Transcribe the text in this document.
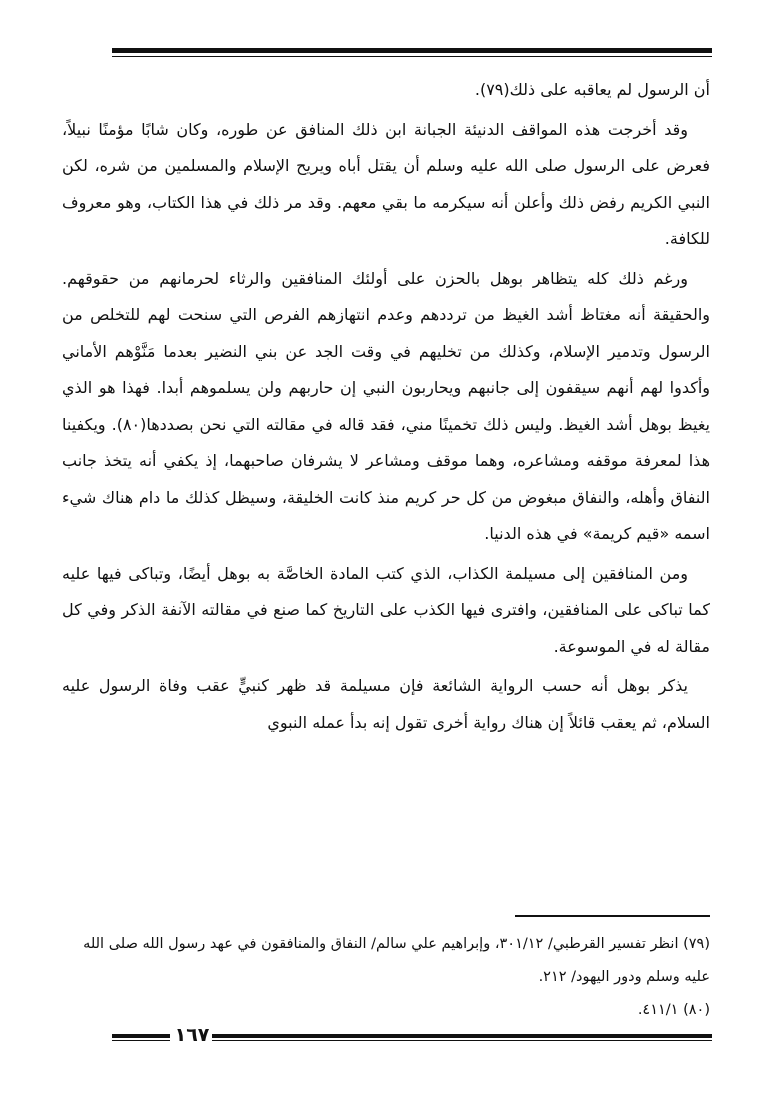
أن الرسول لم يعاقبه على ذلك(٧٩).

وقد أخرجت هذه المواقف الدنيئة الجبانة ابن ذلك المنافق عن طوره، وكان شابًا مؤمنًا نبيلاً، فعرض على الرسول صلى الله عليه وسلم أن يقتل أباه ويريح الإسلام والمسلمين من شره، لكن النبي الكريم رفض ذلك وأعلن أنه سيكرمه ما بقي معهم. وقد مر ذلك في هذا الكتاب، وهو معروف للكافة.

ورغم ذلك كله يتظاهر بوهل بالحزن على أولئك المنافقين والرثاء لحرمانهم من حقوقهم. والحقيقة أنه مغتاظ أشد الغيظ من ترددهم وعدم انتهازهم الفرص التي سنحت لهم للتخلص من الرسول وتدمير الإسلام، وكذلك من تخليهم في وقت الجد عن بني النضير بعدما مَنَّوْهم الأماني وأكدوا لهم أنهم سيقفون إلى جانبهم ويحاربون النبي إن حاربهم ولن يسلموهم أبدا. فهذا هو الذي يغيظ بوهل أشد الغيظ. وليس ذلك تخمينًا مني، فقد قاله في مقالته التي نحن بصددها(٨٠). ويكفينا هذا لمعرفة موقفه ومشاعره، وهما موقف ومشاعر لا يشرفان صاحبهما، إذ يكفي أنه يتخذ جانب النفاق وأهله، والنفاق مبغوض من كل حر كريم منذ كانت الخليقة، وسيظل كذلك ما دام هناك شيء اسمه «قيم كريمة» في هذه الدنيا.

ومن المنافقين إلى مسيلمة الكذاب، الذي كتب المادة الخاصَّة به بوهل أيضًا، وتباكى فيها عليه كما تباكى على المنافقين، وافترى فيها الكذب على التاريخ كما صنع في مقالته الآنفة الذكر وفي كل مقالة له في الموسوعة.

يذكر بوهل أنه حسب الرواية الشائعة فإن مسيلمة قد ظهر كنبيٍّ عقب وفاة الرسول عليه السلام، ثم يعقب قائلاً إن هناك رواية أخرى تقول إنه بدأ عمله النبوي

(٧٩) انظر تفسير القرطبي/ ٣٠١/١٢، وإبراهيم علي سالم/ النفاق والمنافقون في عهد رسول الله صلى الله عليه وسلم ودور اليهود/ ٢١٢.

(٨٠) ٤١١/١.

١٦٧
